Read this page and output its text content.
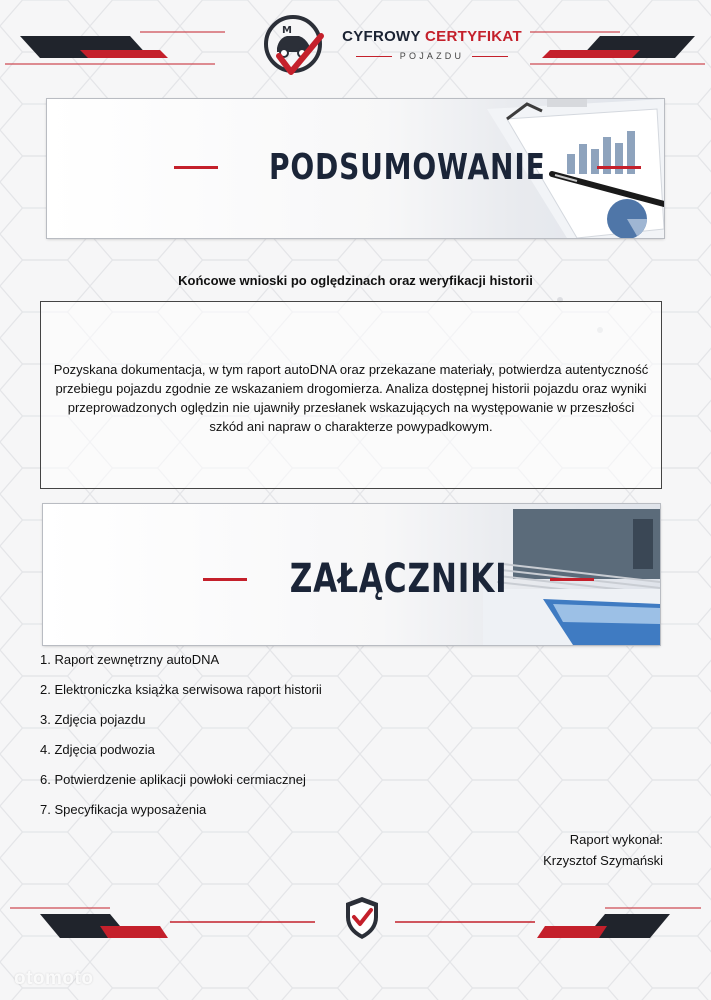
M	CYFROWY CERTYFIKAT
POJAZDU
PODSUMOWANIE
Końcowe wnioski po oględzinach oraz weryfikacji historii
Pozyskana dokumentacja, w tym raport autoDNA oraz przekazane materiały, potwierdza autentyczność przebiegu pojazdu zgodnie ze wskazaniem drogomierza. Analiza dostępnej historii pojazdu oraz wyniki przeprowadzonych oględzin nie ujawniły przesłanek wskazujących na występowanie w przeszłości szkód ani napraw o charakterze powypadkowym.
ZAŁĄCZNIKI
1. Raport zewnętrzny autoDNA
2. Elektroniczka książka serwisowa raport historii
3. Zdjęcia pojazdu
4. Zdjęcia podwozia
6. Potwierdzenie aplikacji powłoki cermiacznej
7. Specyfikacja wyposażenia
Raport wykonał:
Krzysztof Szymański
otomoto
